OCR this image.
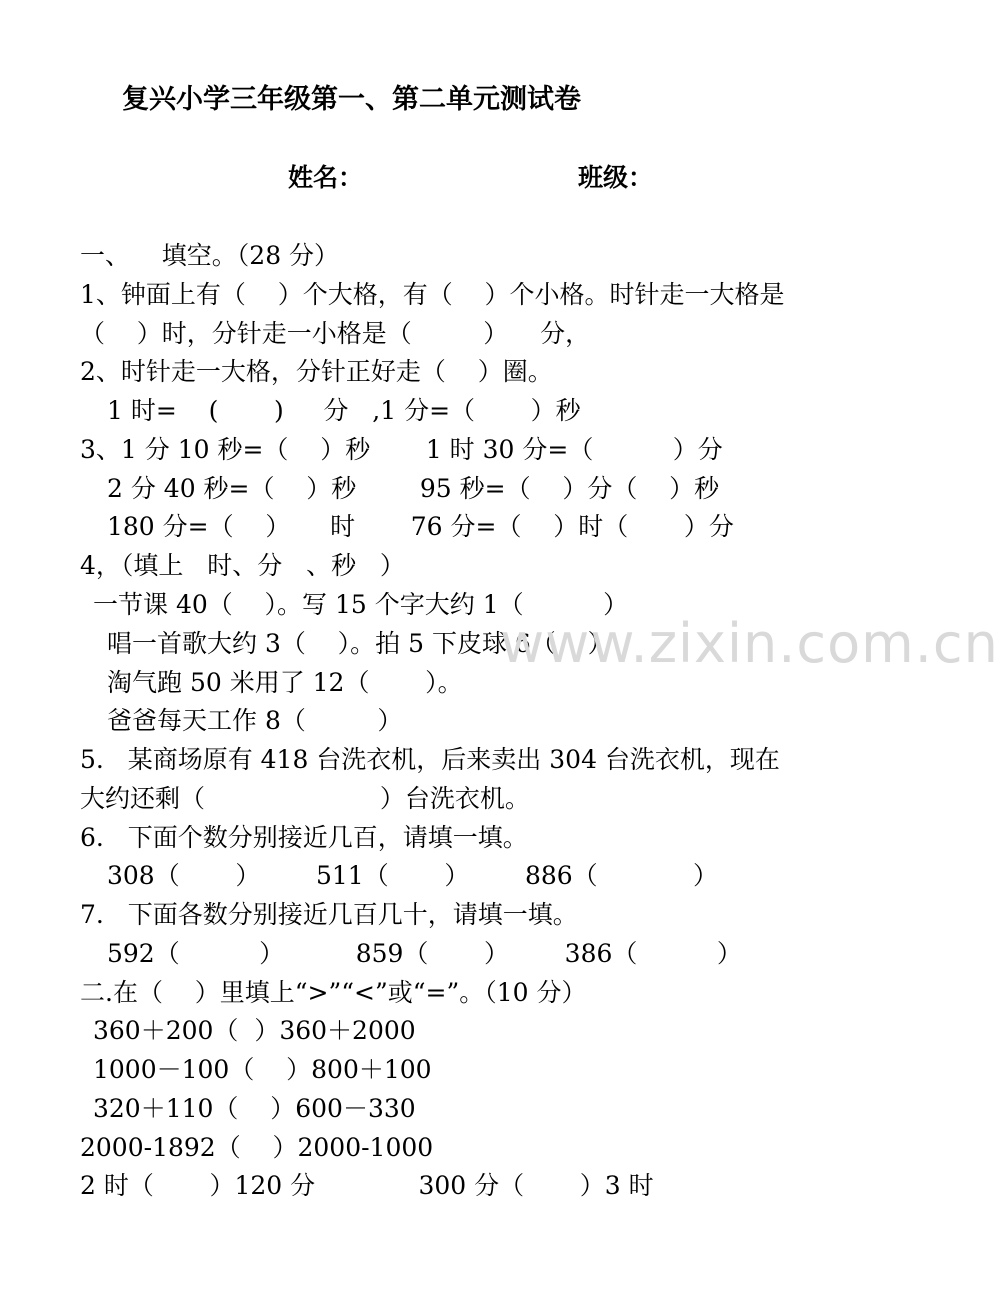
复兴小学三年级第一、第二单元测试卷
姓名：	班级：
一、    填空。（28 分）
1、钟面上有（    ）个大格，有（    ）个小格。时针走一大格是
（    ）时，分针走一小格是（         ）    分，
2、时针走一大格，分针正好走（    ）圈。
1 时=    (       )     分   ,1 分=（       ）秒
3、1 分 10 秒=（    ）秒       1 时 30 分=（          ）分
2 分 40 秒=（    ）秒        95 秒=（    ）分（    ）秒
180 分=（    ）     时       76 分=（    ）时（       ）分
4，（填上   时、分   、秒   ）
一节课 40（    ）。写 15 个字大约 1（          ）
唱一首歌大约 3（    ）。拍 5 下皮球 6（    ）
淘气跑 50 米用了 12（       ）。
爸爸每天工作 8（         ）
5.   某商场原有 418 台洗衣机，后来卖出 304 台洗衣机，现在
大约还剩（                      ）台洗衣机。
6.   下面个数分别接近几百，请填一填。
308（       ）       511（       ）       886（            ）
7.   下面各数分别接近几百几十，请填一填。
592（          ）         859（       ）       386（          ）
二.在（    ）里填上“>”“<”或“=”。（10 分）
360＋200（  ）360＋2000
1000－100（    ）800＋100
320＋110（    ）600－330
2000-1892（    ）2000-1000
2 时（       ）120 分             300 分（       ）3 时
www.zixin.com.cn
